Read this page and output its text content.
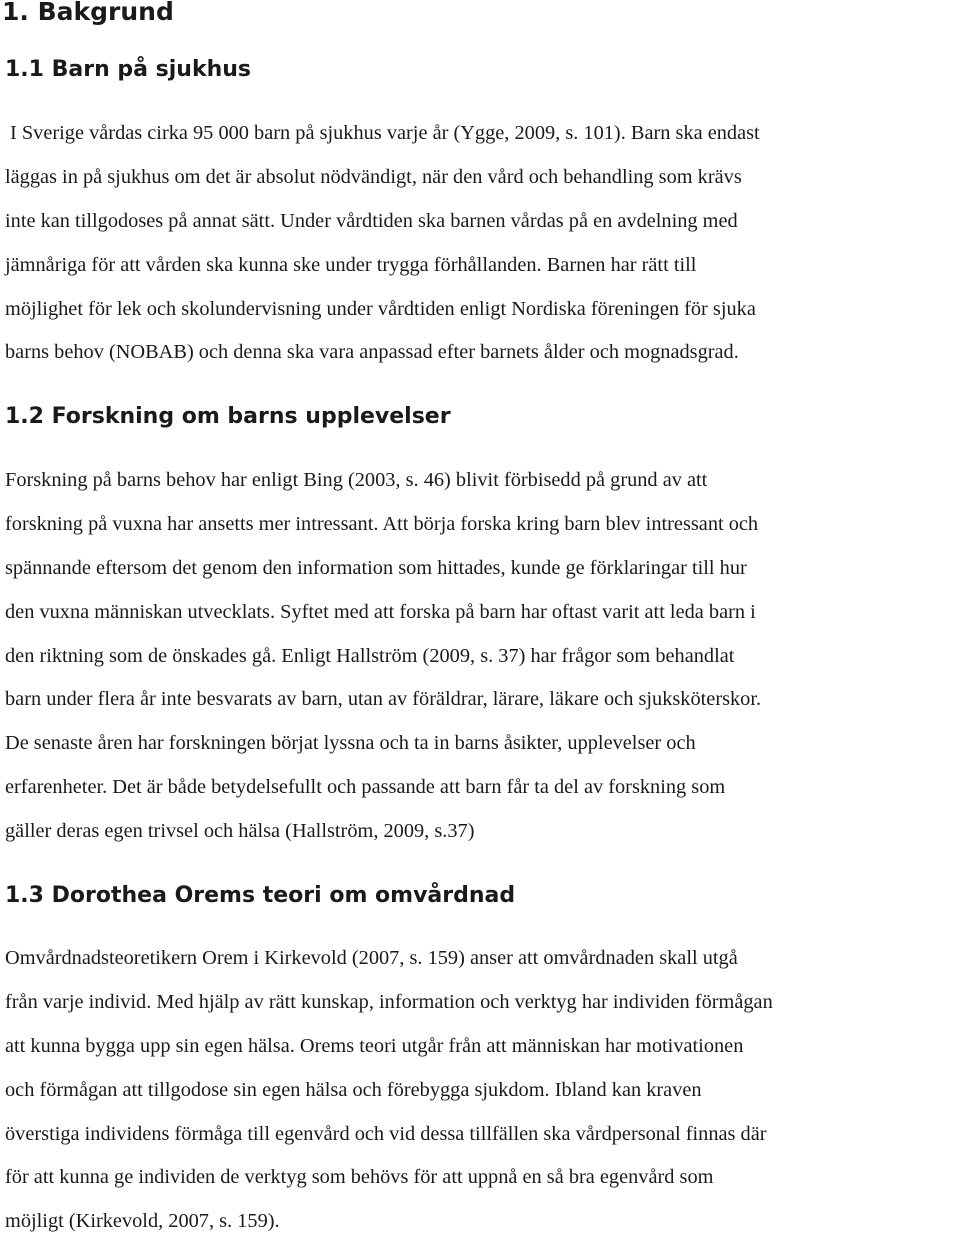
1. Bakgrund
1.1 Barn på sjukhus
I Sverige vårdas cirka 95 000 barn på sjukhus varje år (Ygge, 2009, s. 101). Barn ska endast
läggas in på sjukhus om det är absolut nödvändigt, när den vård och behandling som krävs
inte kan tillgodoses på annat sätt. Under vårdtiden ska barnen vårdas på en avdelning med
jämnåriga för att vården ska kunna ske under trygga förhållanden. Barnen har rätt till
möjlighet för lek och skolundervisning under vårdtiden enligt Nordiska föreningen för sjuka
barns behov (NOBAB) och denna ska vara anpassad efter barnets ålder och mognadsgrad.
1.2 Forskning om barns upplevelser
Forskning på barns behov har enligt Bing (2003, s. 46) blivit förbisedd på grund av att
forskning på vuxna har ansetts mer intressant. Att börja forska kring barn blev intressant och
spännande eftersom det genom den information som hittades, kunde ge förklaringar till hur
den vuxna människan utvecklats. Syftet med att forska på barn har oftast varit att leda barn i
den riktning som de önskades gå. Enligt Hallström (2009, s. 37) har frågor som behandlat
barn under flera år inte besvarats av barn, utan av föräldrar, lärare, läkare och sjuksköterskor.
De senaste åren har forskningen börjat lyssna och ta in barns åsikter, upplevelser och
erfarenheter. Det är både betydelsefullt och passande att barn får ta del av forskning som
gäller deras egen trivsel och hälsa (Hallström, 2009, s.37)
1.3 Dorothea Orems teori om omvårdnad
Omvårdnadsteoretikern Orem i Kirkevold (2007, s. 159) anser att omvårdnaden skall utgå
från varje individ. Med hjälp av rätt kunskap, information och verktyg har individen förmågan
att kunna bygga upp sin egen hälsa. Orems teori utgår från att människan har motivationen
och förmågan att tillgodose sin egen hälsa och förebygga sjukdom. Ibland kan kraven
överstiga individens förmåga till egenvård och vid dessa tillfällen ska vårdpersonal finnas där
för att kunna ge individen de verktyg som behövs för att uppnå en så bra egenvård som
möjligt (Kirkevold, 2007, s. 159).
